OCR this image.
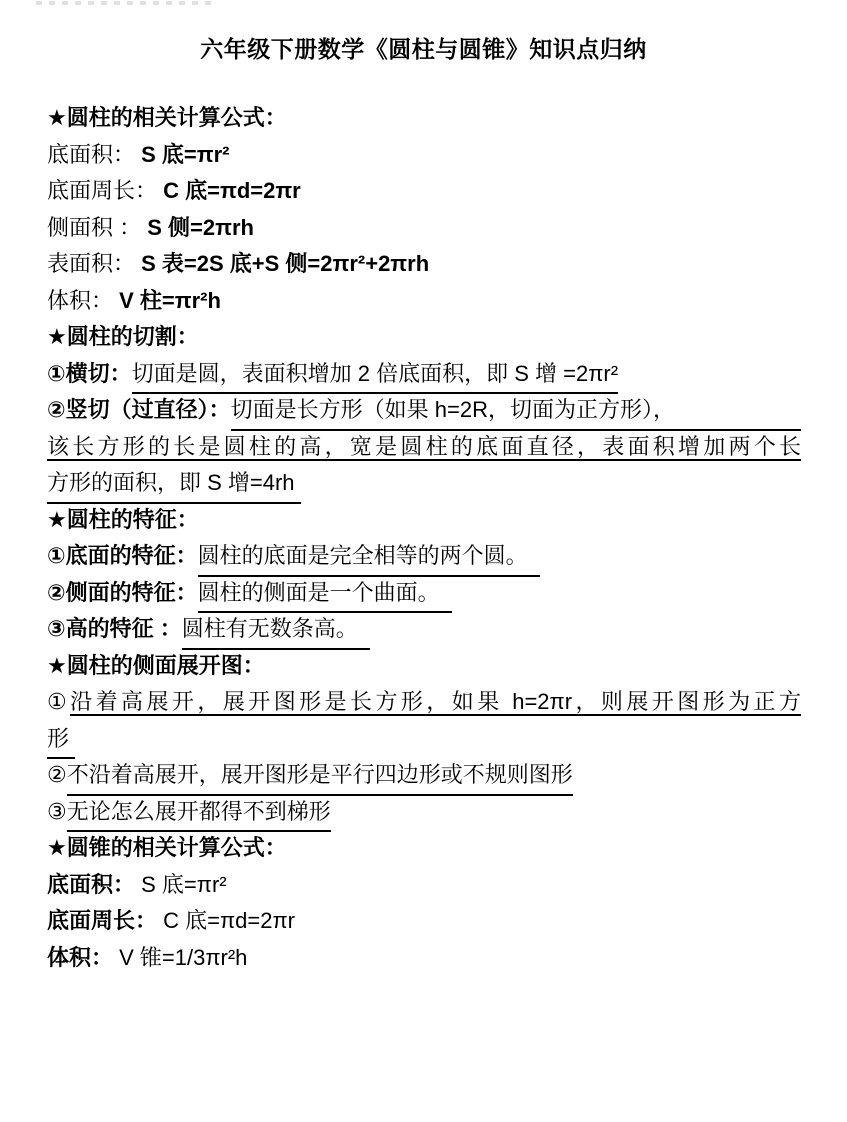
六年级下册数学《圆柱与圆锥》知识点归纳
★圆柱的相关计算公式：
底面积： S 底=πr²
底面周长： C 底=πd=2πr
侧面积 ： S 侧=2πrh
表面积： S 表=2S 底+S 侧=2πr²+2πrh
体积： V 柱=πr²h
★圆柱的切割：
①横切： 切面是圆，表面积增加 2 倍底面积，即 S 增 =2πr²
②竖切（过直径）： 切面是长方形（如果 h=2R，切面为正方形），
该长方形的长是圆柱的高，宽是圆柱的底面直径，表面积增加两个长
方形的面积，即 S 增=4rh
★圆柱的特征：
①底面的特征： 圆柱的底面是完全相等的两个圆。
②侧面的特征： 圆柱的侧面是一个曲面。
③高的特征 ： 圆柱有无数条高。
★圆柱的侧面展开图：
①沿着高展开，展开图形是长方形，如果 h=2πr，则展开图形为正方
形
② 不沿着高展开，展开图形是平行四边形或不规则图形
③ 无论怎么展开都得不到梯形
★圆锥的相关计算公式：
底面积： S 底=πr²
底面周长： C 底=πd=2πr
体积： V 锥=1/3πr²h
